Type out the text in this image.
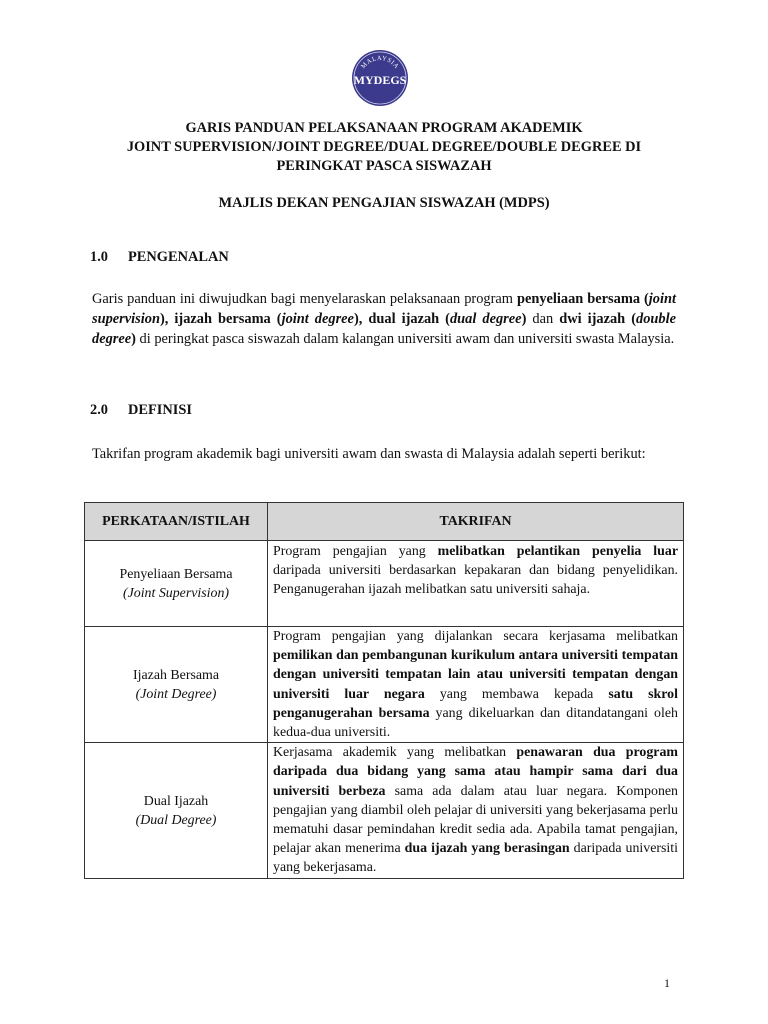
MALAYSIA
MYDEGS
GARIS PANDUAN PELAKSANAAN PROGRAM AKADEMIK
JOINT SUPERVISION/JOINT DEGREE/DUAL DEGREE/DOUBLE DEGREE DI
PERINGKAT PASCA SISWAZAH
MAJLIS DEKAN PENGAJIAN SISWAZAH (MDPS)
1.0 PENGENALAN
Garis panduan ini diwujudkan bagi menyelaraskan pelaksanaan program penyeliaan bersama (joint supervision), ijazah bersama (joint degree), dual ijazah (dual degree) dan dwi ijazah (double degree) di peringkat pasca siswazah dalam kalangan universiti awam dan universiti swasta Malaysia.
2.0 DEFINISI
Takrifan program akademik bagi universiti awam dan swasta di Malaysia adalah seperti berikut:
PERKATAAN/ISTILAH	TAKRIFAN

Penyeliaan Bersama
(Joint Supervision)	Program pengajian yang melibatkan pelantikan penyelia luar daripada universiti berdasarkan kepakaran dan bidang penyelidikan. Penganugerahan ijazah melibatkan satu universiti sahaja.

Ijazah Bersama
(Joint Degree)	Program pengajian yang dijalankan secara kerjasama melibatkan pemilikan dan pembangunan kurikulum antara universiti tempatan dengan universiti tempatan lain atau universiti tempatan dengan universiti luar negara yang membawa kepada satu skrol penganugerahan bersama yang dikeluarkan dan ditandatangani oleh kedua-dua universiti.

Dual Ijazah
(Dual Degree)	Kerjasama akademik yang melibatkan penawaran dua program daripada dua bidang yang sama atau hampir sama dari dua universiti berbeza sama ada dalam atau luar negara. Komponen pengajian yang diambil oleh pelajar di universiti yang bekerjasama perlu mematuhi dasar pemindahan kredit sedia ada. Apabila tamat pengajian, pelajar akan menerima dua ijazah yang berasingan daripada universiti yang bekerjasama.
1
